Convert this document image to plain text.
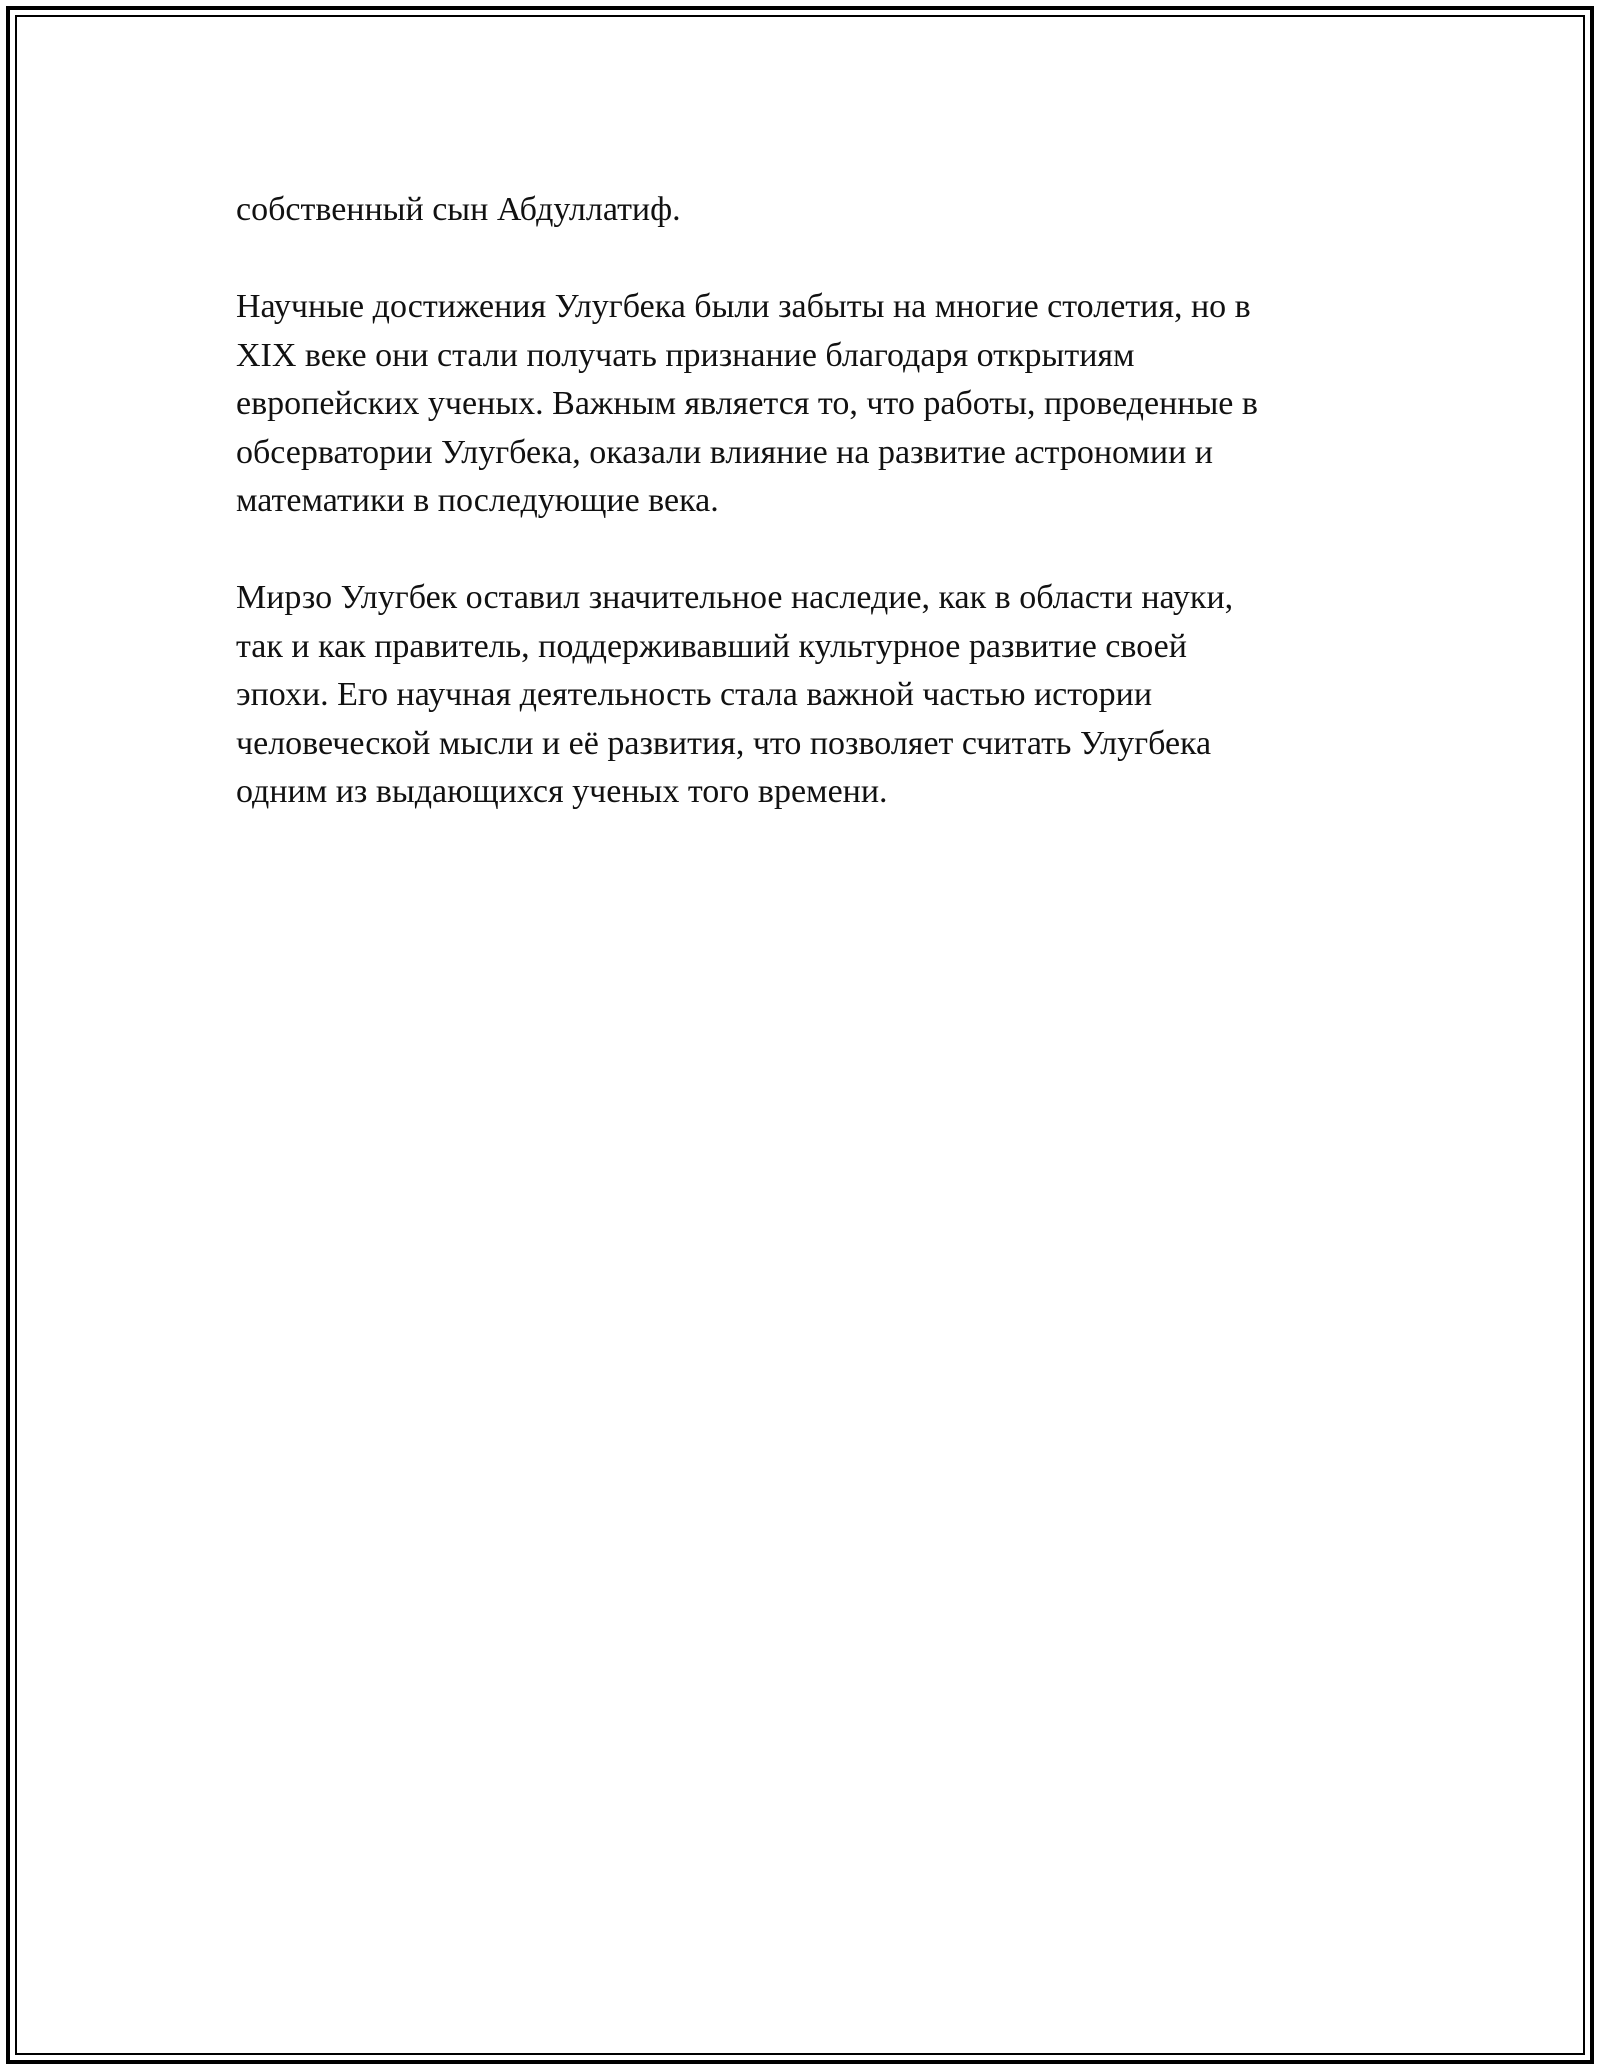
собственный сын Абдуллатиф.

Научные достижения Улугбека были забыты на многие столетия, но в
XIX веке они стали получать признание благодаря открытиям
европейских ученых. Важным является то, что работы, проведенные в
обсерватории Улугбека, оказали влияние на развитие астрономии и
математики в последующие века.

Мирзо Улугбек оставил значительное наследие, как в области науки,
так и как правитель, поддерживавший культурное развитие своей
эпохи. Его научная деятельность стала важной частью истории
человеческой мысли и её развития, что позволяет считать Улугбека
одним из выдающихся ученых того времени.
